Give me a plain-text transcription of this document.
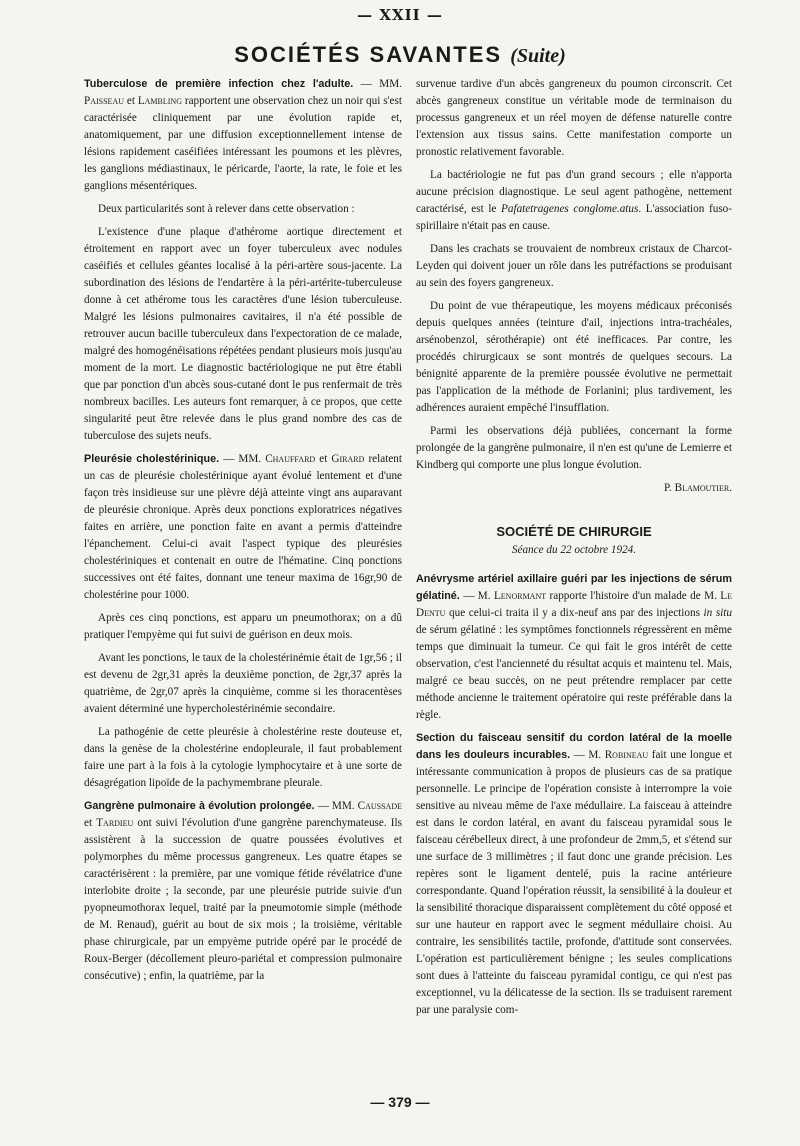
— XXII —
SOCIÉTÉS SAVANTES (Suite)

Tuberculose de première infection chez l'adulte. — MM. Paisseau et Lambling rapportent une observation chez un noir qui s'est caractérisée cliniquement par une évolution rapide et, anatomiquement, par une diffusion exceptionnellement intense de lésions rapidement caséifiées intéressant les poumons et les plèvres, les ganglions médiastinaux, le péricarde, l'aorte, la rate, le foie et les ganglions mésentériques.

Deux particularités sont à relever dans cette observation :

L'existence d'une plaque d'athérome aortique directement et étroitement en rapport avec un foyer tuberculeux avec nodules caséifiés et cellules géantes localisé à la péri-artère sous-jacente. La subordination des lésions de l'endartère à la péri-artérite-tuberculeuse donne à cet athérome tous les caractères d'une lésion tuberculeuse. Malgré les lésions pulmonaires cavitaires, il n'a été possible de retrouver aucun bacille tuberculeux dans l'expectoration de ce malade, malgré des homogénéisations répétées pendant plusieurs mois jusqu'au moment de la mort. Le diagnostic bactériologique ne put être établi que par ponction d'un abcès sous-cutané dont le pus renfermait de très nombreux bacilles. Les auteurs font remarquer, à ce propos, que cette singularité peut être relevée dans le plus grand nombre des cas de tuberculose des sujets neufs.

Pleurésie cholestérinique. — MM. Chauffard et Girard relatent un cas de pleurésie cholestérinique ayant évolué lentement et d'une façon très insidieuse sur une plèvre déjà atteinte vingt ans auparavant de pleurésie chronique. Après deux ponctions exploratrices négatives faites en arrière, une ponction faite en avant a permis d'atteindre l'épanchement. Celui-ci avait l'aspect typique des pleurésies cholestériniques et contenait en outre de l'hématine. Cinq ponctions successives ont été faites, donnant une teneur maxima de 16gr,90 de cholestérine pour 1000.

Après ces cinq ponctions, est apparu un pneumothorax; on a dû pratiquer l'empyème qui fut suivi de guérison en deux mois.

Avant les ponctions, le taux de la cholestérinémie était de 1gr,56 ; il est devenu de 2gr,31 après la deuxième ponction, de 2gr,37 après la quatrième, de 2gr,07 après la cinquième, comme si les thoracentèses avaient déterminé une hypercholestérinémie secondaire.

La pathogénie de cette pleurésie à cholestérine reste douteuse et, dans la genèse de la cholestérine endopleurale, il faut probablement faire une part à la fois à la cytologie lymphocytaire et à une sorte de désagrégation lipoïde de la pachymembrane pleurale.

Gangrène pulmonaire à évolution prolongée. — MM. Caussade et Tardieu ont suivi l'évolution d'une gangrène parenchymateuse. Ils assistèrent à la succession de quatre poussées évolutives et polymorphes du même processus gangreneux. Les quatre étapes se caractérisèrent : la première, par une vomique fétide révélatrice d'une interlobite droite ; la seconde, par une pleurésie putride suivie d'un pyopneumothorax lequel, traité par la pneumotomie simple (méthode de M. Renaud), guérit au bout de six mois ; la troisième, véritable phase chirurgicale, par un empyème putride opéré par le procédé de Roux-Berger (décollement pleuro-pariétal et compression pulmonaire consécutive) ; enfin, la quatrième, par la

survenue tardive d'un abcès gangreneux du poumon circonscrit. Cet abcès gangreneux constitue un véritable mode de terminaison du processus gangreneux et un réel moyen de défense naturelle contre l'extension aux tissus sains. Cette manifestation comporte un pronostic relativement favorable.

La bactériologie ne fut pas d'un grand secours ; elle n'apporta aucune précision diagnostique. Le seul agent pathogène, nettement caractérisé, est le Pafatetragenes conglome.atus. L'association fuso-spirillaire n'était pas en cause.

Dans les crachats se trouvaient de nombreux cristaux de Charcot-Leyden qui doivent jouer un rôle dans les putréfactions se produisant au sein des foyers gangreneux.

Du point de vue thérapeutique, les moyens médicaux préconisés depuis quelques années (teinture d'ail, injections intra-trachéales, arsénobenzol, sérothérapie) ont été inefficaces. Par contre, les procédés chirurgicaux se sont montrés de quelques secours. La bénignité apparente de la première poussée évolutive ne permettait pas l'application de la méthode de Forlanini; plus tardivement, les adhérences auraient empêché l'insufflation.

Parmi les observations déjà publiées, concernant la forme prolongée de la gangrène pulmonaire, il n'en est qu'une de Lemierre et Kindberg qui comporte une plus longue évolution.

P. Blamoutier.
SOCIÉTÉ DE CHIRURGIE
Séance du 22 octobre 1924.

Anévrysme artériel axillaire guéri par les injections de sérum gélatiné. — M. Lenormant rapporte l'histoire d'un malade de M. Le Dentu que celui-ci traita il y a dix-neuf ans par des injections in situ de sérum gélatiné : les symptômes fonctionnels régressèrent en même temps que diminuait la tumeur. Ce qui fait le gros intérêt de cette observation, c'est l'ancienneté du résultat acquis et maintenu tel. Mais, malgré ce beau succès, on ne peut prétendre remplacer par cette méthode ancienne le traitement opératoire qui reste préférable dans la règle.

Section du faisceau sensitif du cordon latéral de la moelle dans les douleurs incurables. — M. Robineau fait une longue et intéressante communication à propos de plusieurs cas de sa pratique personnelle. Le principe de l'opération consiste à interrompre la voie sensitive au niveau même de l'axe médullaire. La faisceau à atteindre est dans le cordon latéral, en avant du faisceau pyramidal sous le faisceau cérébelleux direct, à une profondeur de 2mm,5, et s'étend sur une surface de 3 millimètres ; il faut donc une grande précision. Les repères sont le ligament dentelé, puis la racine antérieure correspondante. Quand l'opération réussit, la sensibilité à la douleur et la sensibilité thoracique disparaissent complètement du côté opposé et sur une hauteur en rapport avec le segment médullaire choisi. Au contraire, les sensibilités tactile, profonde, d'attitude sont conservées. L'opération est particulièrement bénigne ; les seules complications sont dues à l'atteinte du faisceau pyramidal contigu, ce qui n'est pas exceptionnel, vu la délicatesse de la section. Ils se traduisent rarement par une paralysie com-

— 379 —
